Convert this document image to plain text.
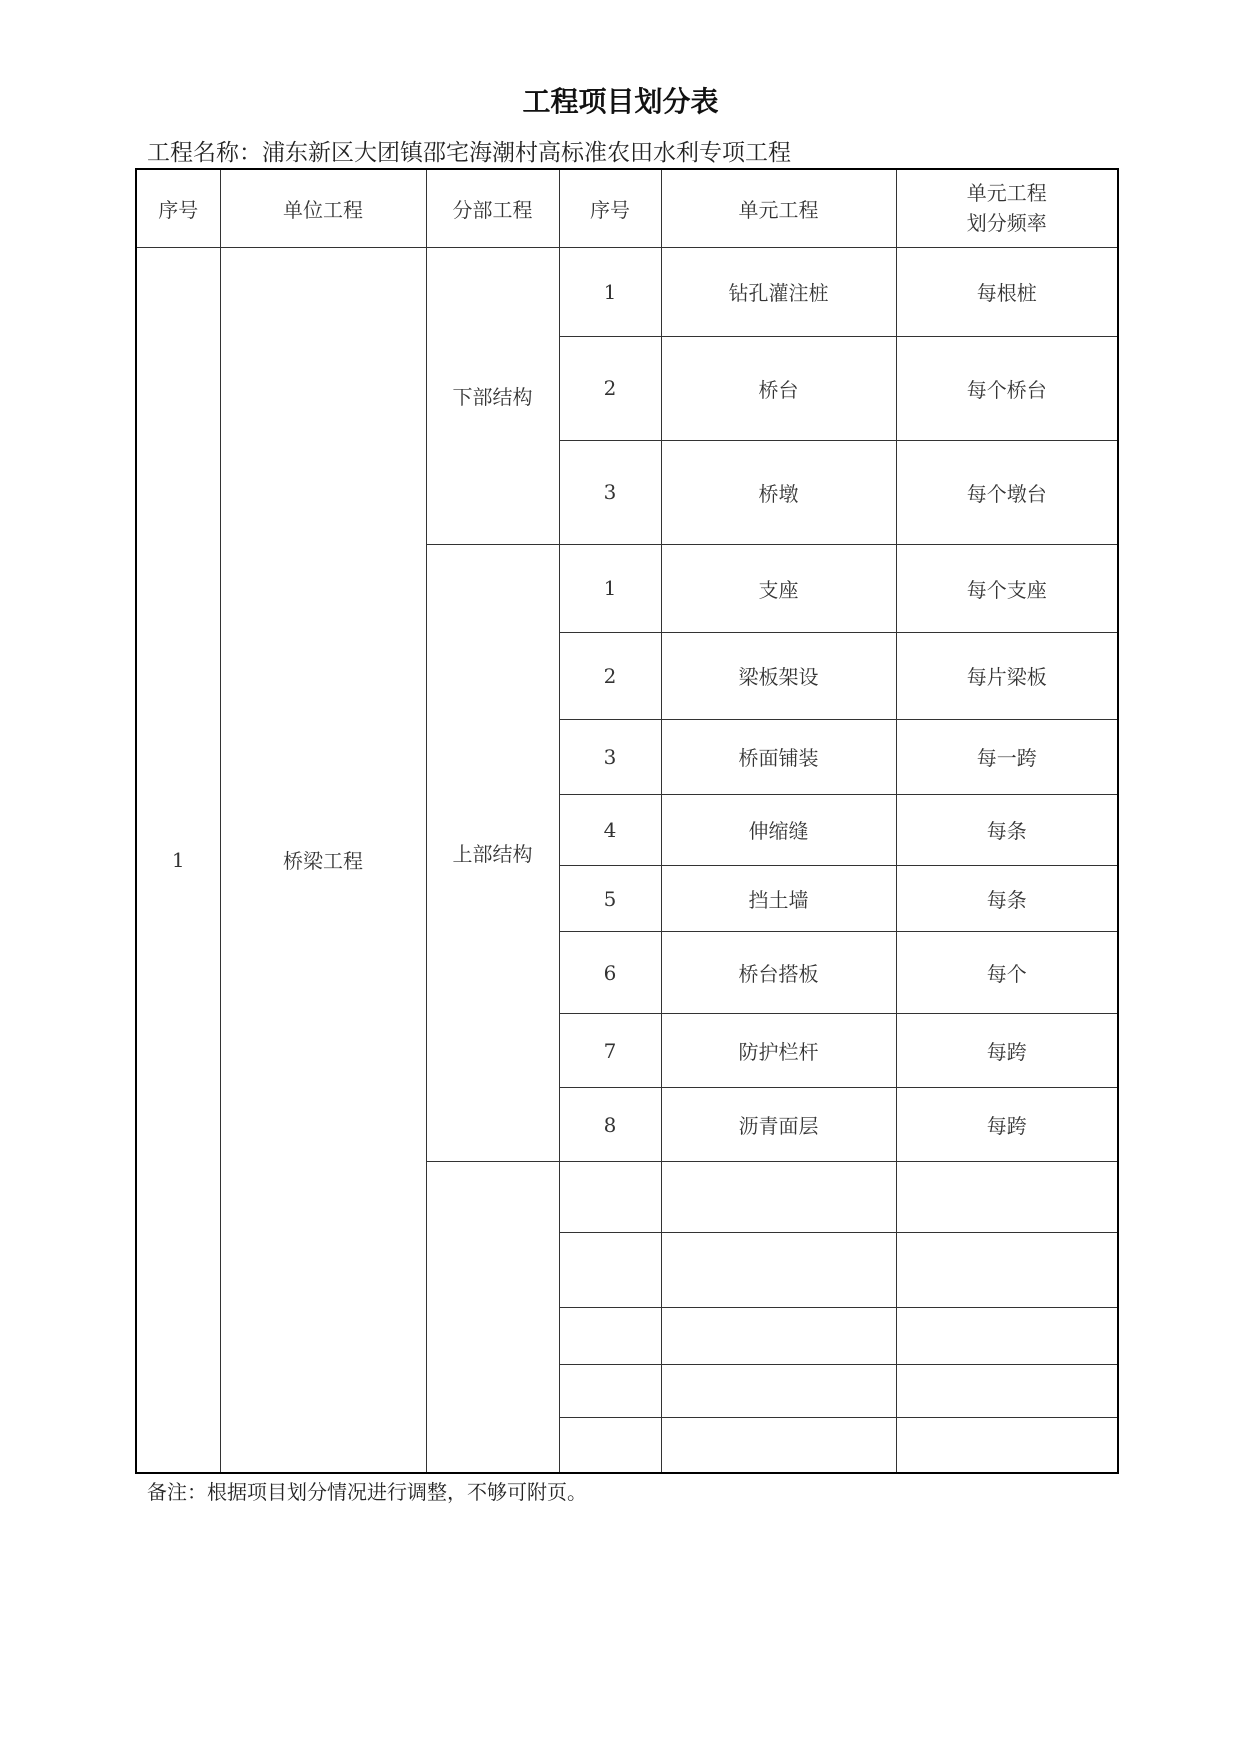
工程项目划分表
工程名称：浦东新区大团镇邵宅海潮村高标准农田水利专项工程
序号	单位工程	分部工程	序号	单元工程	单元工程
划分频率

1	桥梁工程	下部结构	1	钻孔灌注桩	每根桩
			2	桥台	每个桥台
			3	桥墩	每个墩台
		上部结构	1	支座	每个支座
			2	梁板架设	每片梁板
			3	桥面铺装	每一跨
			4	伸缩缝	每条
			5	挡土墙	每条
			6	桥台搭板	每个
			7	防护栏杆	每跨
			8	沥青面层	每跨

备注：根据项目划分情况进行调整，不够可附页。
